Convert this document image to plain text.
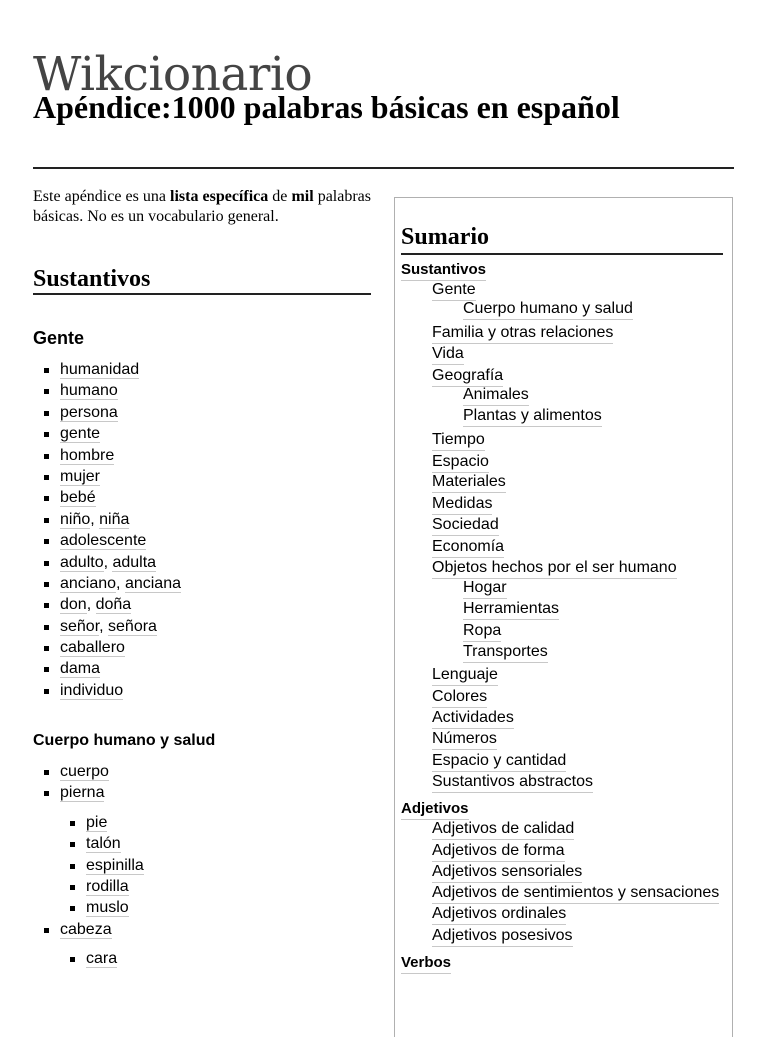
Wikcionario
Apéndice:1000 palabras básicas en español

Este apéndice es una lista específica de mil palabras básicas. No es un vocabulario general.

Sustantivos
Gente
humanidad
humano
persona
gente
hombre
mujer
bebé
niño, niña
adolescente
adulto, adulta
anciano, anciana
don, doña
señor, señora
caballero
dama
individuo
Cuerpo humano y salud
cuerpo
pierna
pie
talón
espinilla
rodilla
muslo
cabeza
cara
Sumario
Sustantivos
Gente
Cuerpo humano y salud
Familia y otras relaciones
Vida
Geografía
Animales
Plantas y alimentos
Tiempo
Espacio
Materiales
Medidas
Sociedad
Economía
Objetos hechos por el ser humano
Hogar
Herramientas
Ropa
Transportes
Lenguaje
Colores
Actividades
Números
Espacio y cantidad
Sustantivos abstractos
Adjetivos
Adjetivos de calidad
Adjetivos de forma
Adjetivos sensoriales
Adjetivos de sentimientos y sensaciones
Adjetivos ordinales
Adjetivos posesivos
Verbos
